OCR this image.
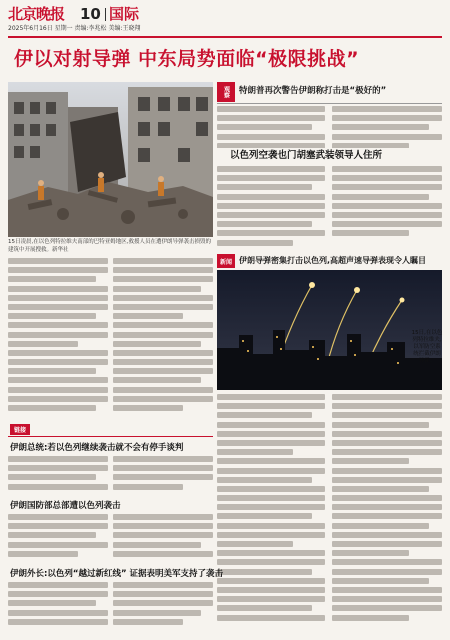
北京晚报	10 国际
2025年6月16日 星期一 责编:李兆松 美编:王晓翔
伊以对射导弹 中东局势面临“极限挑战”
15日凌晨,在以色列特拉维夫南部的巴特亚姆地区,救援人员在遭伊朗导弹袭击损毁的建筑中开展搜救。新华社
观察	特朗普再次警告伊朗称打击是“极好的”
以色列空袭也门胡塞武装领导人住所
新闻 伊朗导弹密集打击以色列,高超声速导弹表现令人瞩目
15日,在以色列特拉维夫,以军防空系统拦截伊朗导弹。
链接
伊朗总统:若以色列继续袭击就不会有停手谈判
伊朗国防部总部遭以色列袭击
伊朗外长:以色列“越过新红线” 证据表明美军支持了袭击
